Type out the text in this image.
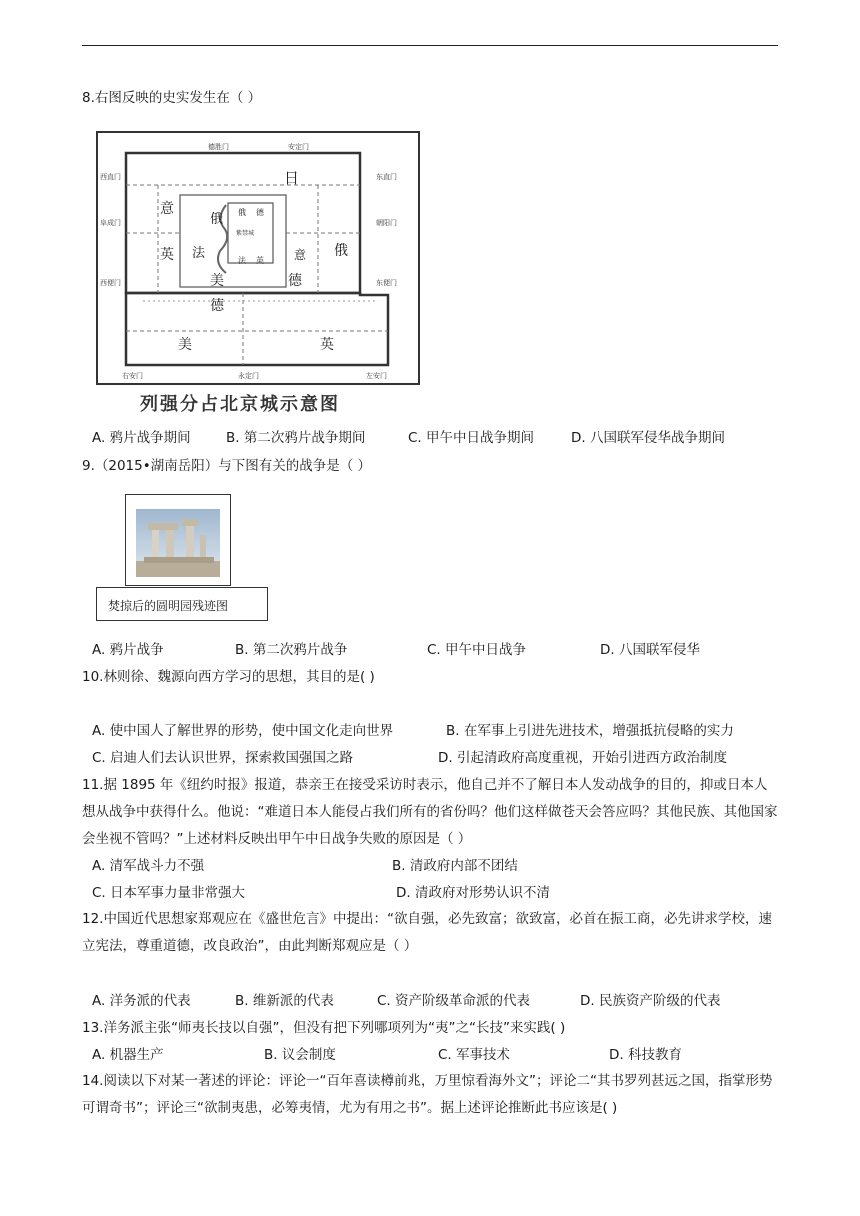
8.右图反映的史实发生在（ ）
德胜门	安定门
西直门	东直门
阜成门	朝阳门
西便门	东便门
右安门	永定门	左安门
紫禁城
日
意
英
俄
法	俄
意
美	德
德
美	英
德
英
俄
法
列强分占北京城示意图
A. 鸦片战争期间	B. 第二次鸦片战争期间	C. 甲午中日战争期间	D. 八国联军侵华战争期间
9.（2015•湖南岳阳）与下图有关的战争是（ ）
焚掠后的圆明园残迹图
A. 鸦片战争	B. 第二次鸦片战争	C. 甲午中日战争	D. 八国联军侵华
10.林则徐、魏源向西方学习的思想，其目的是( )
A. 使中国人了解世界的形势，使中国文化走向世界	B. 在军事上引进先进技术，增强抵抗侵略的实力
C. 启迪人们去认识世界，探索救国强国之路	D. 引起清政府高度重视，开始引进西方政治制度
11.据 1895 年《纽约时报》报道，恭亲王在接受采访时表示，他自己并不了解日本人发动战争的目的，抑或日本人想从战争中获得什么。他说：“难道日本人能侵占我们所有的省份吗？他们这样做苍天会答应吗？其他民族、其他国家会坐视不管吗？”上述材料反映出甲午中日战争失败的原因是（ ）
A. 清军战斗力不强	B. 清政府内部不团结
C. 日本军事力量非常强大	D. 清政府对形势认识不清
12.中国近代思想家郑观应在《盛世危言》中提出：“欲自强，必先致富；欲致富，必首在振工商，必先讲求学校，速立宪法，尊重道德，改良政治”，由此判断郑观应是（ ）
A. 洋务派的代表	B. 维新派的代表	C. 资产阶级革命派的代表	D. 民族资产阶级的代表
13.洋务派主张“师夷长技以自强”，但没有把下列哪项列为“夷”之“长技”来实践( )
A. 机器生产	B. 议会制度	C. 军事技术	D. 科技教育
14.阅读以下对某一著述的评论：评论一“百年喜读樽前兆，万里惊看海外文”；评论二“其书罗列甚远之国，指掌形势可谓奇书”；评论三“欲制夷患，必筹夷情，尤为有用之书”。据上述评论推断此书应该是( )
